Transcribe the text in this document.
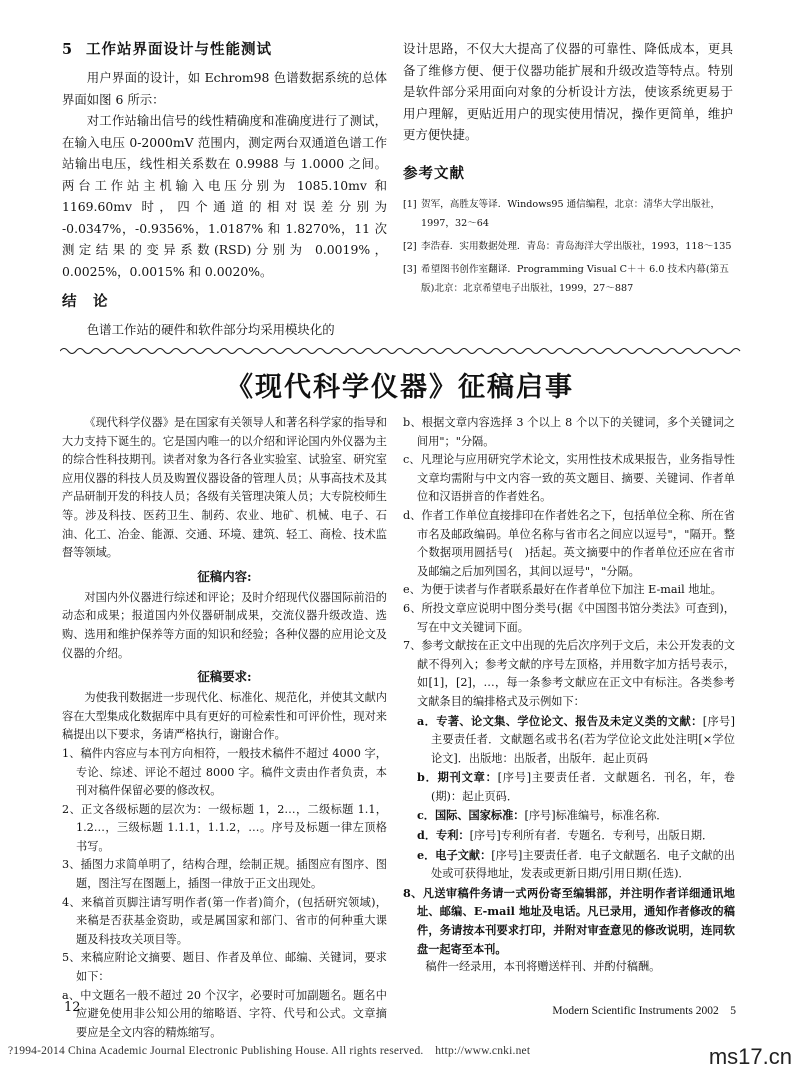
5 工作站界面设计与性能测试

用户界面的设计，如 Echrom98 色谱数据系统的总体界面如图 6 所示：

对工作站输出信号的线性精确度和准确度进行了测试，在输入电压 0-2000mV 范围内，测定两台双通道色谱工作站输出电压，线性相关系数在 0.9988 与 1.0000 之间。两台工作站主机输入电压分别为 1085.10mv 和 1169.60mv 时，四个通道的相对误差分别为 -0.0347%，-0.9356%，1.0187% 和 1.8270%，11 次测定结果的变异系数(RSD)分别为 0.0019%，0.0025%，0.0015% 和 0.0020%。

结　论

色谱工作站的硬件和软件部分均采用模块化的

设计思路，不仅大大提高了仪器的可靠性、降低成本，更具备了维修方便、便于仪器功能扩展和升级改造等特点。特别是软件部分采用面向对象的分析设计方法，使该系统更易于用户理解，更贴近用户的现实使用情况，操作更简单，维护更方便快捷。

参考文献
[1] 贺军，高胜友等译．Windows95 通信编程，北京：清华大学出版社，1997，32～64
[2] 李浩春．实用数据处理．青岛：青岛海洋大学出版社，1993，118～135
[3] 希望图书创作室翻译．Programming Visual C＋＋ 6.0 技术内幕(第五版)北京：北京希望电子出版社，1999，27～887
《现代科学仪器》征稿启事

《现代科学仪器》是在国家有关领导人和著名科学家的指导和大力支持下诞生的。它是国内唯一的以介绍和评论国内外仪器为主的综合性科技期刊。读者对象为各行各业实验室、试验室、研究室应用仪器的科技人员及购置仪器设备的管理人员；从事高技术及其产品研制开发的科技人员；各级有关管理决策人员；大专院校师生等。涉及科技、医药卫生、制药、农业、地矿、机械、电子、石油、化工、冶金、能源、交通、环境、建筑、轻工、商检、技术监督等领域。

征稿内容:

对国内外仪器进行综述和评论；及时介绍现代仪器国际前沿的动态和成果；报道国内外仪器研制成果，交流仪器升级改造、选购、选用和维护保养等方面的知识和经验；各种仪器的应用论文及仪器的介绍。

征稿要求:

为使我刊数据进一步现代化、标准化、规范化，并使其文献内容在大型集成化数据库中具有更好的可检索性和可评价性，现对来稿提出以下要求，务请严格执行，谢谢合作。

1、稿件内容应与本刊方向相符，一般技术稿件不超过 4000 字，专论、综述、评论不超过 8000 字。稿件文责由作者负责，本刊对稿件保留必要的修改权。

2、正文各级标题的层次为：一级标题 1，2…，二级标题 1.1，1.2…，三级标题 1.1.1，1.1.2，…。序号及标题一律左顶格书写。

3、插图力求简单明了，结构合理，绘制正规。插图应有图序、图题，图注写在图题上，插图一律放于正文出现处。

4、来稿首页脚注请写明作者(第一作者)简介，(包括研究领域)，来稿是否获基金资助，或是属国家和部门、省市的何种重大课题及科技攻关项目等。

5、来稿应附论文摘要、题目、作者及单位、邮编、关键词，要求如下：

a、中文题名一般不超过 20 个汉字，必要时可加副题名。题名中应避免使用非公知公用的缩略语、字符、代号和公式。文章摘要应是全文内容的精炼缩写。

b、根据文章内容选择 3 个以上 8 个以下的关键词，多个关键词之间用"；"分隔。

c、凡理论与应用研究学术论文，实用性技术成果报告，业务指导性文章均需附与中文内容一致的英文题目、摘要、关键词、作者单位和汉语拼音的作者姓名。

d、作者工作单位直接排印在作者姓名之下，包括单位全称、所在省市名及邮政编码。单位名称与省市名之间应以逗号"，"隔开。整个数据项用圆括号(　)括起。英文摘要中的作者单位还应在省市及邮编之后加列国名，其间以逗号"，"分隔。

e、为便于读者与作者联系最好在作者单位下加注 E-mail 地址。

6、所投文章应说明中图分类号(据《中国图书馆分类法》可查到)，写在中文关键词下面。

7、参考文献按在正文中出现的先后次序列于文后，未公开发表的文献不得列入；参考文献的序号左顶格，并用数字加方括号表示，如[1]，[2]，…，每一条参考文献应在正文中有标注。各类参考文献条目的编排格式及示例如下：

a．专著、论文集、学位论文、报告及未定义类的文献：[序号]主要责任者．文献题名或书名(若为学位论文此处注明[×学位论文]．出版地：出版者，出版年．起止页码

b．期刊文章：[序号]主要责任者．文献题名．刊名，年，卷(期)：起止页码．

c．国际、国家标准：[序号]标准编号，标准名称．

d．专利：[序号]专利所有者．专题名．专利号，出版日期．

e．电子文献：[序号]主要责任者．电子文献题名．电子文献的出处或可获得地址，发表或更新日期/引用日期(任选)．

8、凡送审稿件务请一式两份寄至编辑部，并注明作者详细通讯地址、邮编、E-mail 地址及电话。凡已录用，通知作者修改的稿件，务请按本刊要求打印，并附对审查意见的修改说明，连同软盘一起寄至本刊。

稿件一经录用，本刊将赠送样刊、并酌付稿酬。

12	Modern Scientific Instruments 2002　5
?1994-2014 China Academic Journal Electronic Publishing House. All rights reserved.　http://www.cnki.net	ms17.cn
